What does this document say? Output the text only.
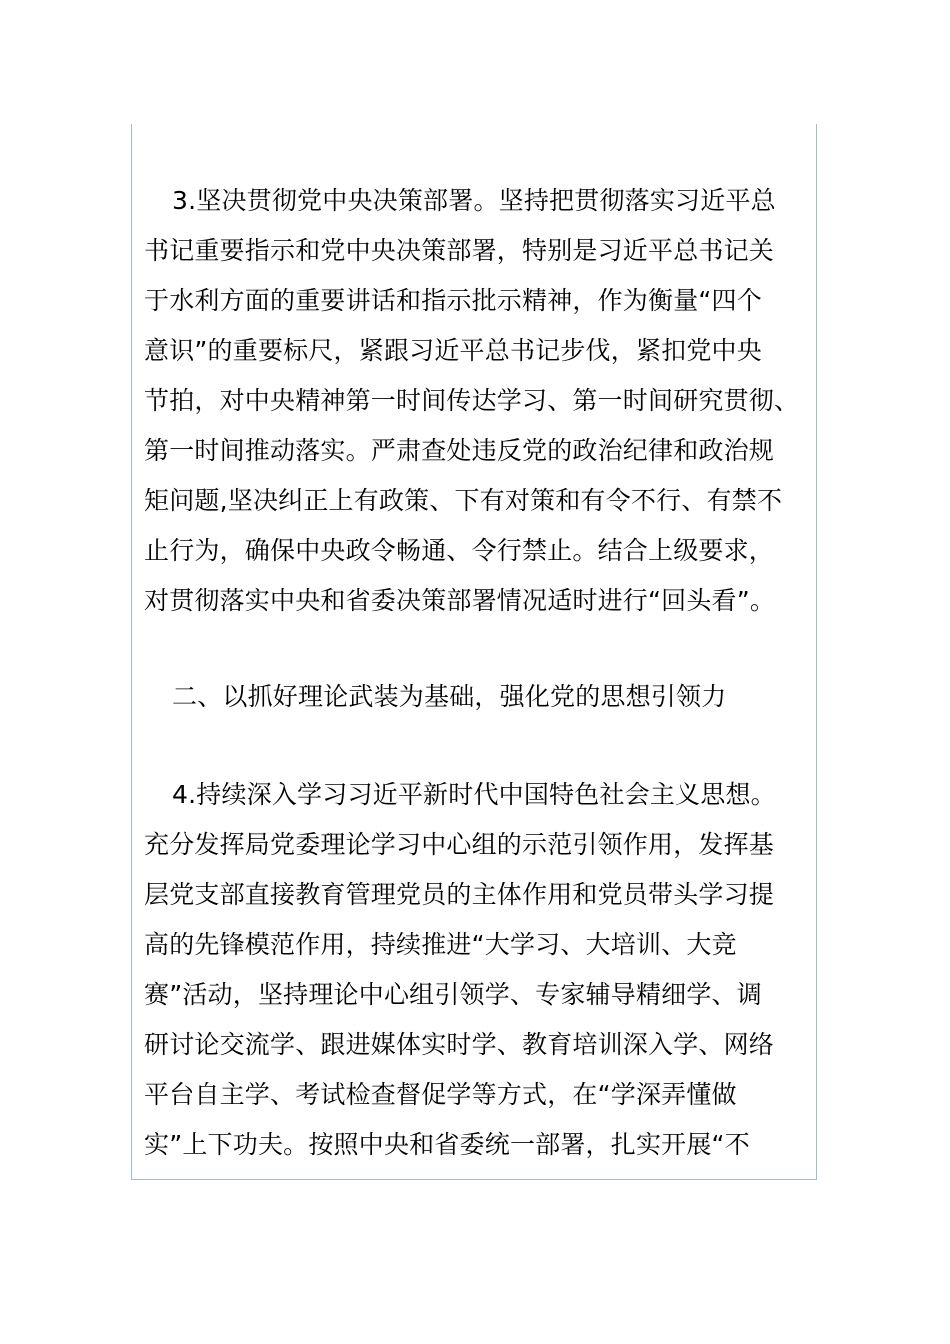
3.坚决贯彻党中央决策部署。坚持把贯彻落实习近平总
书记重要指示和党中央决策部署，特别是习近平总书记关
于水利方面的重要讲话和指示批示精神，作为衡量“四个
意识”的重要标尺，紧跟习近平总书记步伐，紧扣党中央
节拍，对中央精神第一时间传达学习、第一时间研究贯彻、
第一时间推动落实。严肃查处违反党的政治纪律和政治规
矩问题,坚决纠正上有政策、下有对策和有令不行、有禁不
止行为，确保中央政令畅通、令行禁止。结合上级要求，
对贯彻落实中央和省委决策部署情况适时进行“回头看”。
二、以抓好理论武装为基础，强化党的思想引领力
4.持续深入学习习近平新时代中国特色社会主义思想。
充分发挥局党委理论学习中心组的示范引领作用，发挥基
层党支部直接教育管理党员的主体作用和党员带头学习提
高的先锋模范作用，持续推进“大学习、大培训、大竞
赛”活动，坚持理论中心组引领学、专家辅导精细学、调
研讨论交流学、跟进媒体实时学、教育培训深入学、网络
平台自主学、考试检查督促学等方式，在“学深弄懂做
实”上下功夫。按照中央和省委统一部署，扎实开展“不
